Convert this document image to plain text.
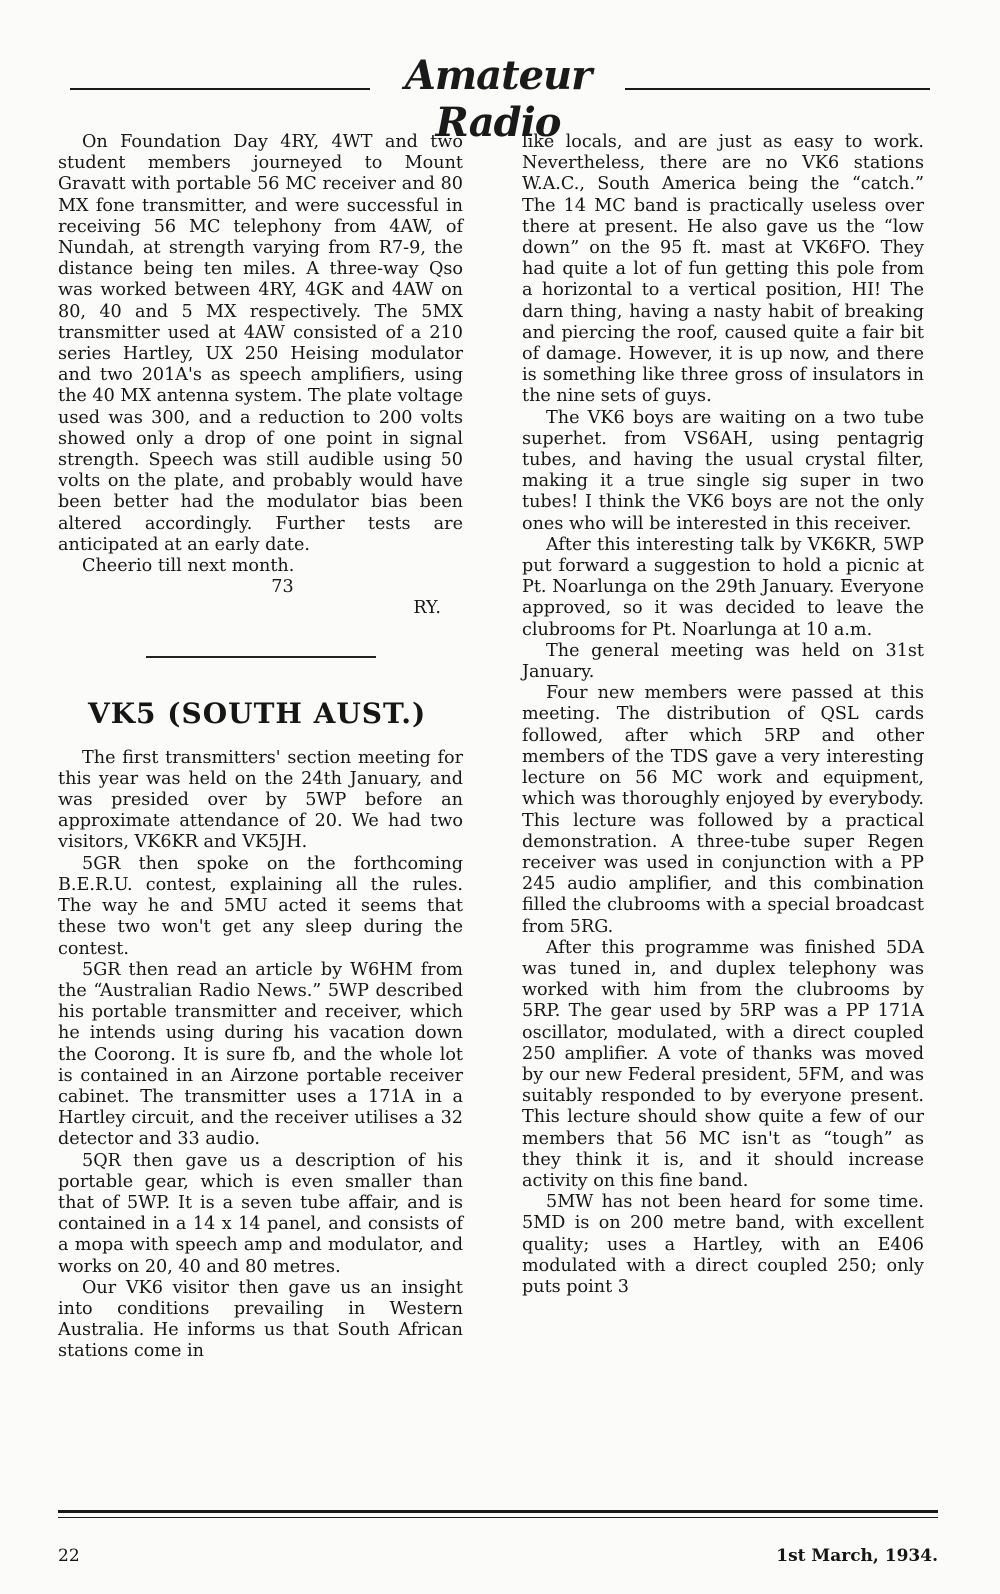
Amateur Radio

On Foundation Day 4RY, 4WT and two student members journeyed to Mount Gravatt with portable 56 MC receiver and 80 MX fone transmitter, and were successful in receiving 56 MC telephony from 4AW, of Nundah, at strength varying from R7-9, the distance being ten miles. A three-way Qso was worked between 4RY, 4GK and 4AW on 80, 40 and 5 MX respectively. The 5MX transmitter used at 4AW consisted of a 210 series Hartley, UX 250 Heising modulator and two 201A's as speech amplifiers, using the 40 MX antenna system. The plate voltage used was 300, and a reduction to 200 volts showed only a drop of one point in signal strength. Speech was still audible using 50 volts on the plate, and probably would have been better had the modulator bias been altered accordingly. Further tests are anticipated at an early date.

Cheerio till next month.

73

RY.

VK5 (SOUTH AUST.)

The first transmitters' section meeting for this year was held on the 24th January, and was presided over by 5WP before an approximate attendance of 20. We had two visitors, VK6KR and VK5JH.

5GR then spoke on the forthcoming B.E.R.U. contest, explaining all the rules. The way he and 5MU acted it seems that these two won't get any sleep during the contest.

5GR then read an article by W6HM from the “Australian Radio News.” 5WP described his portable transmitter and receiver, which he intends using during his vacation down the Coorong. It is sure fb, and the whole lot is contained in an Airzone portable receiver cabinet. The transmitter uses a 171A in a Hartley circuit, and the receiver utilises a 32 detector and 33 audio.

5QR then gave us a description of his portable gear, which is even smaller than that of 5WP. It is a seven tube affair, and is contained in a 14 x 14 panel, and consists of a mopa with speech amp and modulator, and works on 20, 40 and 80 metres.

Our VK6 visitor then gave us an insight into conditions prevailing in Western Australia. He informs us that South African stations come in

like locals, and are just as easy to work. Nevertheless, there are no VK6 stations W.A.C., South America being the “catch.” The 14 MC band is practically useless over there at present. He also gave us the “low down” on the 95 ft. mast at VK6FO. They had quite a lot of fun getting this pole from a horizontal to a vertical position, HI! The darn thing, having a nasty habit of breaking and piercing the roof, caused quite a fair bit of damage. However, it is up now, and there is something like three gross of insulators in the nine sets of guys.

The VK6 boys are waiting on a two tube superhet. from VS6AH, using pentagrig tubes, and having the usual crystal filter, making it a true single sig super in two tubes! I think the VK6 boys are not the only ones who will be interested in this receiver.

After this interesting talk by VK6KR, 5WP put forward a suggestion to hold a picnic at Pt. Noarlunga on the 29th January. Everyone approved, so it was decided to leave the clubrooms for Pt. Noarlunga at 10 a.m.

The general meeting was held on 31st January.

Four new members were passed at this meeting. The distribution of QSL cards followed, after which 5RP and other members of the TDS gave a very interesting lecture on 56 MC work and equipment, which was thoroughly enjoyed by everybody. This lecture was followed by a practical demonstration. A three-tube super Regen receiver was used in conjunction with a PP 245 audio amplifier, and this combination filled the clubrooms with a special broadcast from 5RG.

After this programme was finished 5DA was tuned in, and duplex telephony was worked with him from the clubrooms by 5RP. The gear used by 5RP was a PP 171A oscillator, modulated, with a direct coupled 250 amplifier. A vote of thanks was moved by our new Federal president, 5FM, and was suitably responded to by everyone present. This lecture should show quite a few of our members that 56 MC isn't as “tough” as they think it is, and it should increase activity on this fine band.

5MW has not been heard for some time. 5MD is on 200 metre band, with excellent quality; uses a Hartley, with an E406 modulated with a direct coupled 250; only puts point 3

22	1st March, 1934.
